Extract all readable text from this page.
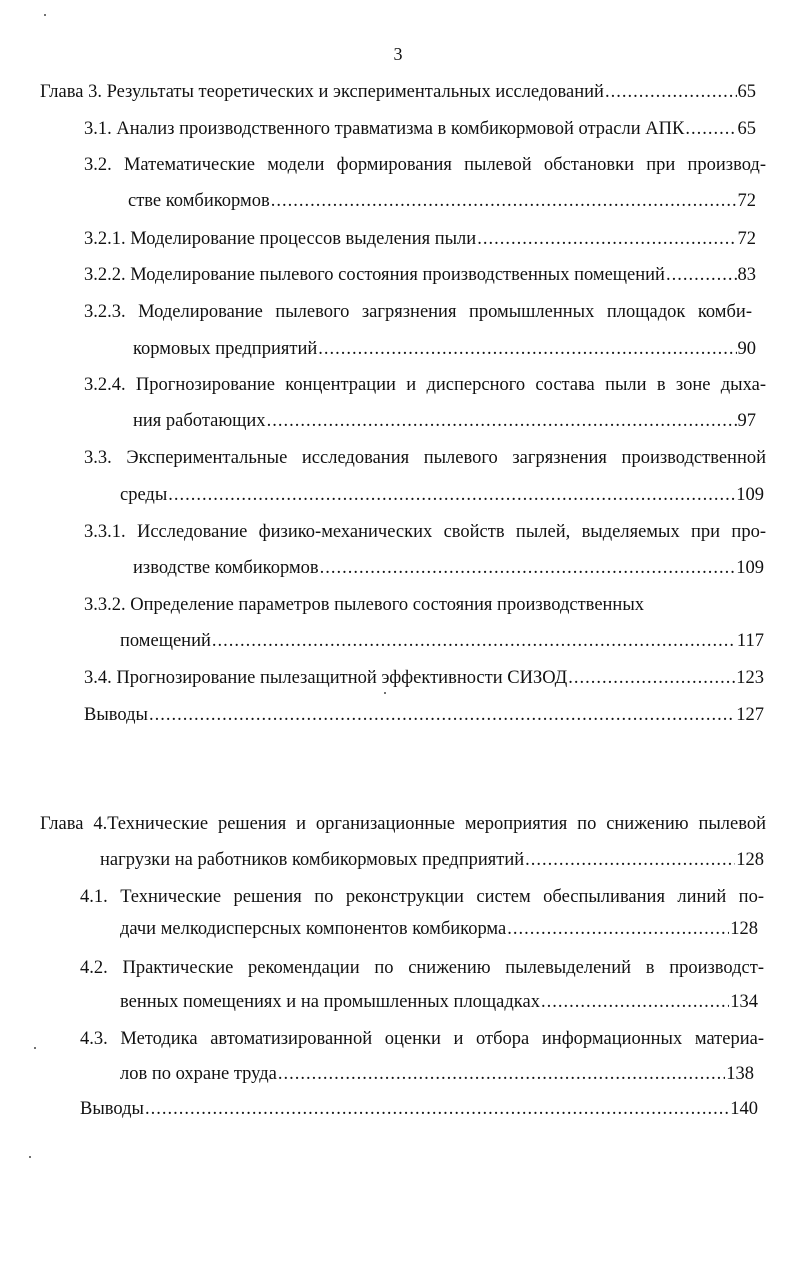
3
Глава 3. Результаты теоретических и экспериментальных исследований .....	65
3.1. Анализ производственного травматизма в комбикормовой отрасли АПК .....	65
3.2. Математические модели формирования пылевой обстановки при производ-
стве комбикормов .....	72
3.2.1. Моделирование процессов выделения пыли .....	72
3.2.2. Моделирование пылевого состояния производственных помещений .....	83
3.2.3. Моделирование пылевого загрязнения промышленных площадок комби-
кормовых предприятий .....	90
3.2.4. Прогнозирование концентрации и дисперсного состава пыли в зоне дыха-
ния работающих .....	97
3.3. Экспериментальные исследования пылевого загрязнения производственной
среды .....	109
3.3.1. Исследование физико-механических свойств пылей, выделяемых при про-
изводстве комбикормов .....	109
3.3.2. Определение параметров пылевого состояния производственных
помещений .....	117
3.4. Прогнозирование пылезащитной эффективности СИЗОД .....	123
Выводы .....	127
Глава 4.Технические решения и организационные мероприятия по снижению пылевой
нагрузки на работников комбикормовых предприятий .....	128
4.1. Технические решения по реконструкции систем обеспыливания линий по-
дачи мелкодисперсных компонентов комбикорма .....	128
4.2. Практические рекомендации по снижению пылевыделений в производст-
венных помещениях и на промышленных площадках .....	134
4.3. Методика автоматизированной оценки и отбора информационных материа-
лов по охране труда .....	138
Выводы .....	140
